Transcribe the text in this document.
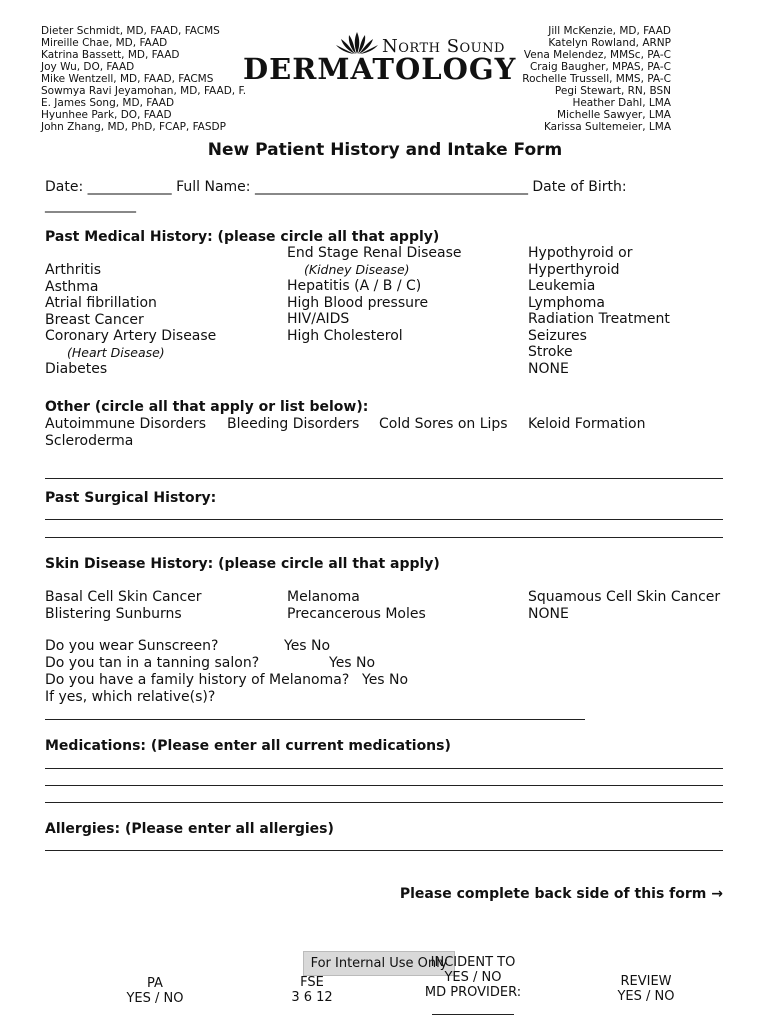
Dieter Schmidt, MD, FAAD, FACMS
Mireille Chae, MD, FAAD
Katrina Bassett, MD, FAAD
Joy Wu, DO, FAAD
Mike Wentzell, MD, FAAD, FACMS
Sowmya Ravi Jeyamohan, MD, FAAD, F.
E. James Song, MD, FAAD
Hyunhee Park, DO, FAAD
John Zhang, MD, PhD, FCAP, FASDP
Jill McKenzie, MD, FAAD
Katelyn Rowland, ARNP
Vena Melendez, MMSc, PA-C
Craig Baugher, MPAS, PA-C
Rochelle Trussell, MMS, PA-C
Pegi Stewart, RN, BSN
Heather Dahl, LMA
Michelle Sawyer, LMA
Karissa Sultemeier, LMA
North Sound
DERMATOLOGY
New Patient History and Intake Form
Date: ____________ Full Name: _______________________________________ Date of Birth:
_____________
Past Medical History: (please circle all that apply)
Arthritis
Asthma
Atrial fibrillation
Breast Cancer
Coronary Artery Disease
(Heart Disease)
Diabetes
End Stage Renal Disease
(Kidney Disease)
Hepatitis (A / B / C)
High Blood pressure
HIV/AIDS
High Cholesterol
Hypothyroid or
Hyperthyroid
Leukemia
Lymphoma
Radiation Treatment
Seizures
Stroke
NONE
Other (circle all that apply or list below):
Autoimmune Disorders Bleeding Disorders Cold Sores on Lips Keloid Formation
Scleroderma
Past Surgical History:
Skin Disease History: (please circle all that apply)
Basal Cell Skin Cancer
Blistering Sunburns
Melanoma
Precancerous Moles
Squamous Cell Skin Cancer
NONE
Do you wear Sunscreen?	Yes No
Do you tan in a tanning salon?	Yes No
Do you have a family history of Melanoma? Yes No
If yes, which relative(s)?
Medications: (Please enter all current medications)
Allergies: (Please enter all allergies)
Please complete back side of this form →
For Internal Use Only
PA
YES / NO
FSE
3 6 12
INCIDENT TO
YES / NO
MD PROVIDER:
REVIEW
YES / NO
